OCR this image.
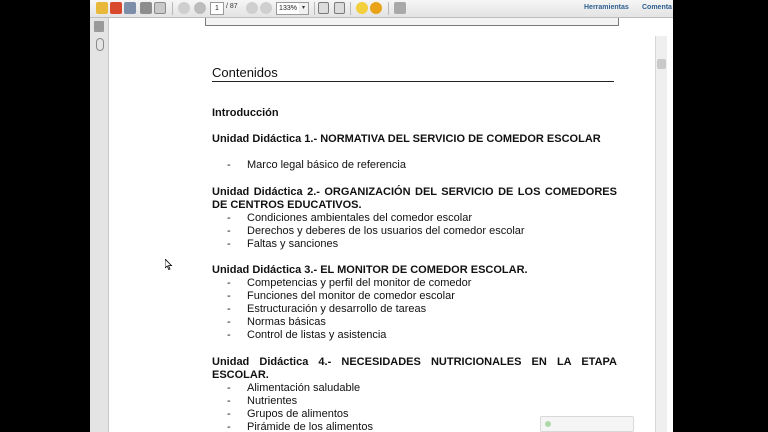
1	/ 87	133% ▾	Herramientas Comenta
Contenidos
Introducción
Unidad Didáctica 1.- NORMATIVA DEL SERVICIO DE COMEDOR ESCOLAR
- Marco legal básico de referencia
Unidad Didáctica 2.- ORGANIZACIÓN DEL SERVICIO DE LOS COMEDORES DE CENTROS EDUCATIVOS.
- Condiciones ambientales del comedor escolar
- Derechos y deberes de los usuarios del comedor escolar
- Faltas y sanciones
Unidad Didáctica 3.- EL MONITOR DE COMEDOR ESCOLAR.
- Competencias y perfil del monitor de comedor
- Funciones del monitor de comedor escolar
- Estructuración y desarrollo de tareas
- Normas básicas
- Control de listas y asistencia
Unidad Didáctica 4.- NECESIDADES NUTRICIONALES EN LA ETAPA ESCOLAR.
- Alimentación saludable
- Nutrientes
- Grupos de alimentos
- Pirámide de los alimentos
